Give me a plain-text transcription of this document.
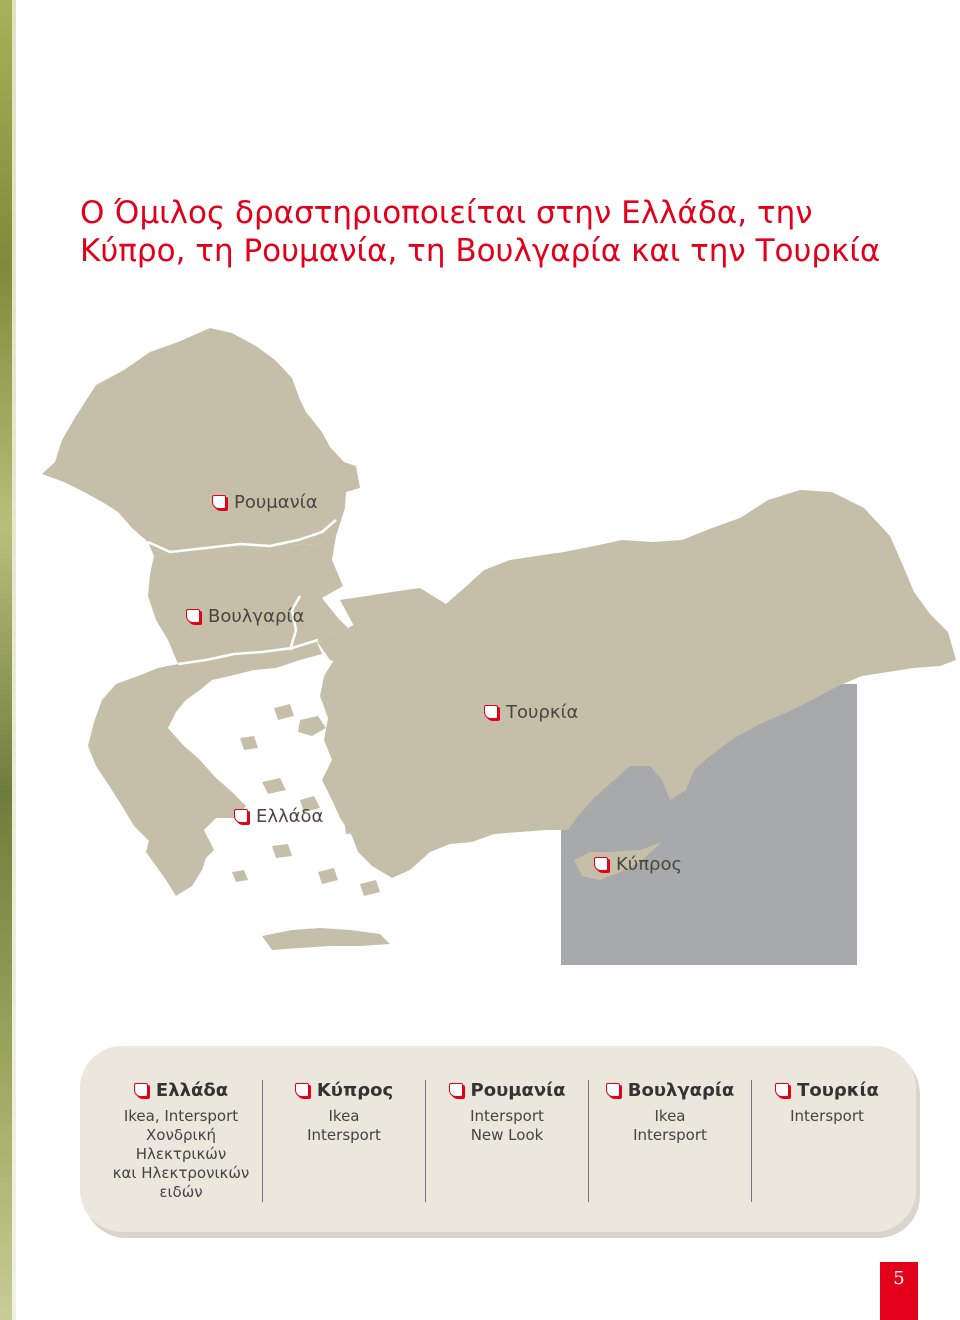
Ο Όμιλος δραστηριοποιείται στην Ελλάδα, την
Κύπρο, τη Ρουμανία, τη Βουλγαρία και την Τουρκία
Ρουμανία
Βουλγαρία
Τουρκία
Ελλάδα
Κύπρος
Ελλάδα
Ikea, Intersport
Χονδρική Ηλεκτρικών
και Ηλεκτρονικών
ειδών
Κύπρος
Ikea
Intersport
Ρουμανία
Intersport
New Look
Βουλγαρία
Ikea
Intersport
Τουρκία
Intersport
5
